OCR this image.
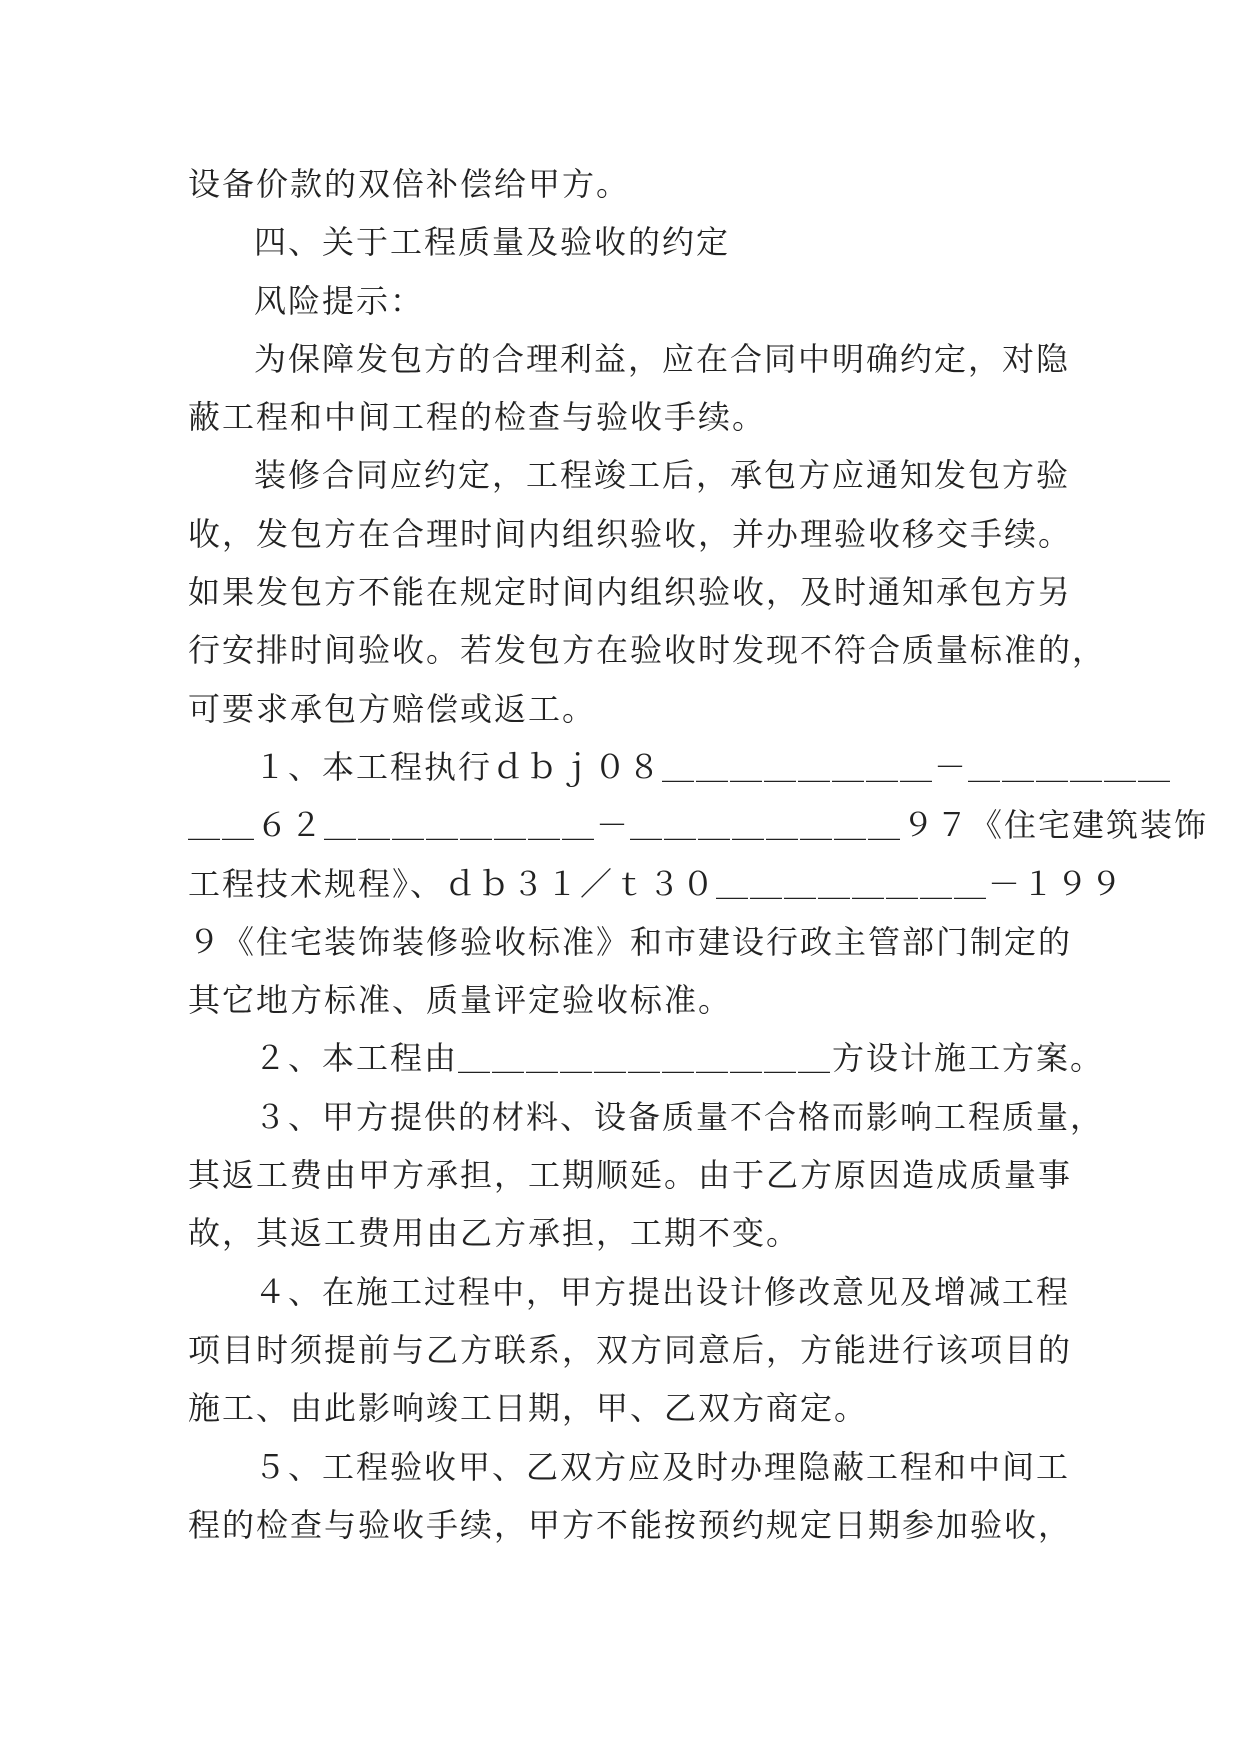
设备价款的双倍补偿给甲方。
四、关于工程质量及验收的约定
风险提示：
为保障发包方的合理利益，应在合同中明确约定，对隐
蔽工程和中间工程的检查与验收手续。
装修合同应约定，工程竣工后，承包方应通知发包方验
收，发包方在合理时间内组织验收，并办理验收移交手续。
如果发包方不能在规定时间内组织验收，及时通知承包方另
行安排时间验收。若发包方在验收时发现不符合质量标准的，
可要求承包方赔偿或返工。
１、本工程执行ｄｂｊ０８＿＿＿＿＿＿＿＿－＿＿＿＿＿＿
＿＿６２＿＿＿＿＿＿＿＿－＿＿＿＿＿＿＿＿９７《住宅建筑装饰
工程技术规程》、ｄｂ３１／ｔ３０＿＿＿＿＿＿＿＿－１９９
９《住宅装饰装修验收标准》和市建设行政主管部门制定的
其它地方标准、质量评定验收标准。
２、本工程由＿＿＿＿＿＿＿＿＿＿＿方设计施工方案。
３、甲方提供的材料、设备质量不合格而影响工程质量，
其返工费由甲方承担，工期顺延。由于乙方原因造成质量事
故，其返工费用由乙方承担，工期不变。
４、在施工过程中，甲方提出设计修改意见及增减工程
项目时须提前与乙方联系，双方同意后，方能进行该项目的
施工、由此影响竣工日期，甲、乙双方商定。
５、工程验收甲、乙双方应及时办理隐蔽工程和中间工
程的检查与验收手续，甲方不能按预约规定日期参加验收，
